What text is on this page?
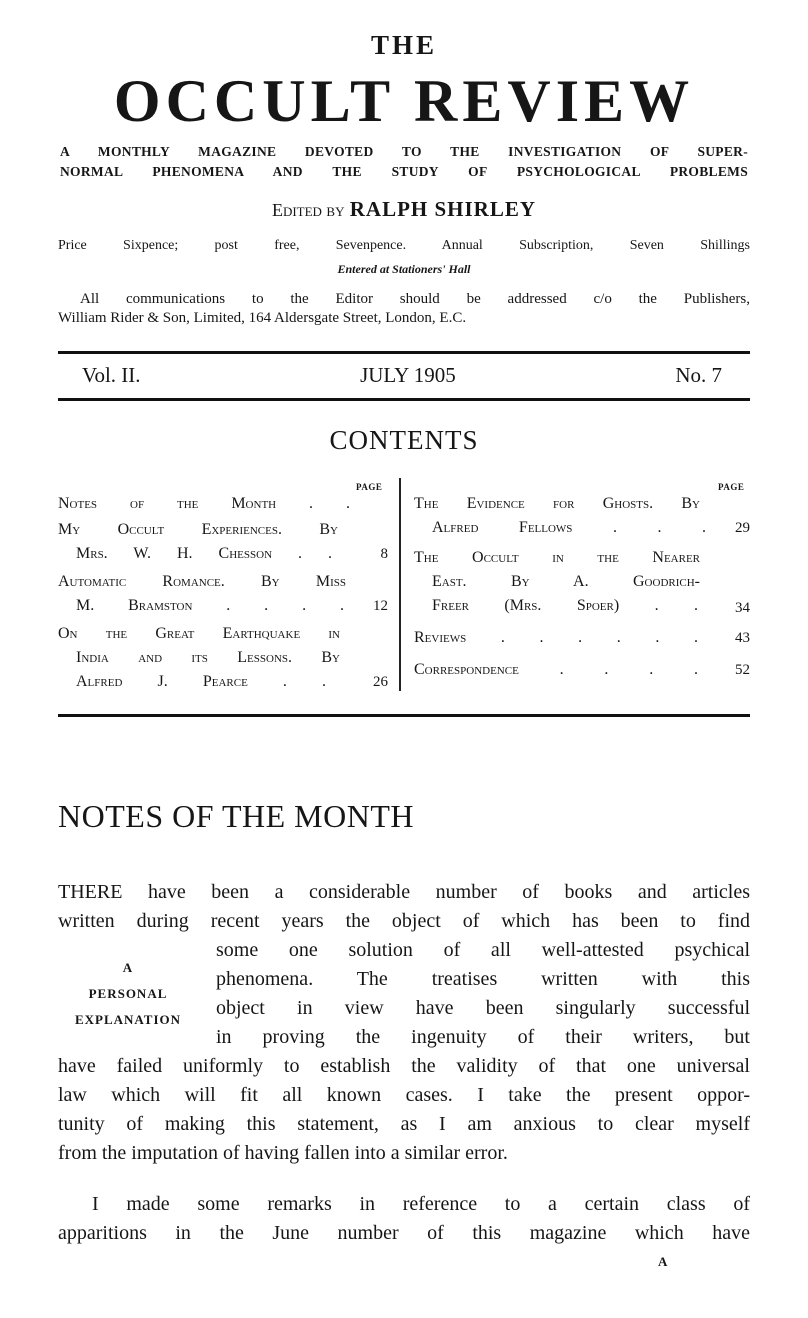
THE
OCCULT REVIEW
A MONTHLY MAGAZINE DEVOTED TO THE INVESTIGATION OF SUPER-
NORMAL PHENOMENA AND THE STUDY OF PSYCHOLOGICAL PROBLEMS
Edited by RALPH SHIRLEY
Price Sixpence; post free, Sevenpence. Annual Subscription, Seven Shillings
Entered at Stationers' Hall
All communications to the Editor should be addressed c/o the Publishers,
William Rider & Son, Limited, 164 Aldersgate Street, London, E.C.
Vol. II.	JULY 1905	No. 7
CONTENTS
PAGE	PAGE
Notes of the Month . .
My Occult Experiences. By
Mrs. W. H. Chesson . .	8
Automatic Romance. By Miss
M. Bramston . . . .	12
On the Great Earthquake in
India and its Lessons. By
Alfred J. Pearce . .	26
The Evidence for Ghosts. By
Alfred Fellows . . .	29
The Occult in the Nearer
East. By A. Goodrich-
Freer (Mrs. Spoer) . .	34
Reviews . . . . . .	43
Correspondence . . . .	52
NOTES OF THE MONTH
THERE have been a considerable number of books and articles
written during recent years the object of which has been to find
some one solution of all well-attested psychical
phenomena. The treatises written with this
object in view have been singularly successful
in proving the ingenuity of their writers, but
have failed uniformly to establish the validity of that one universal
law which will fit all known cases. I take the present oppor-
tunity of making this statement, as I am anxious to clear myself
from the imputation of having fallen into a similar error.
A
PERSONAL
EXPLANATION
I made some remarks in reference to a certain class of
apparitions in the June number of this magazine which have
A
